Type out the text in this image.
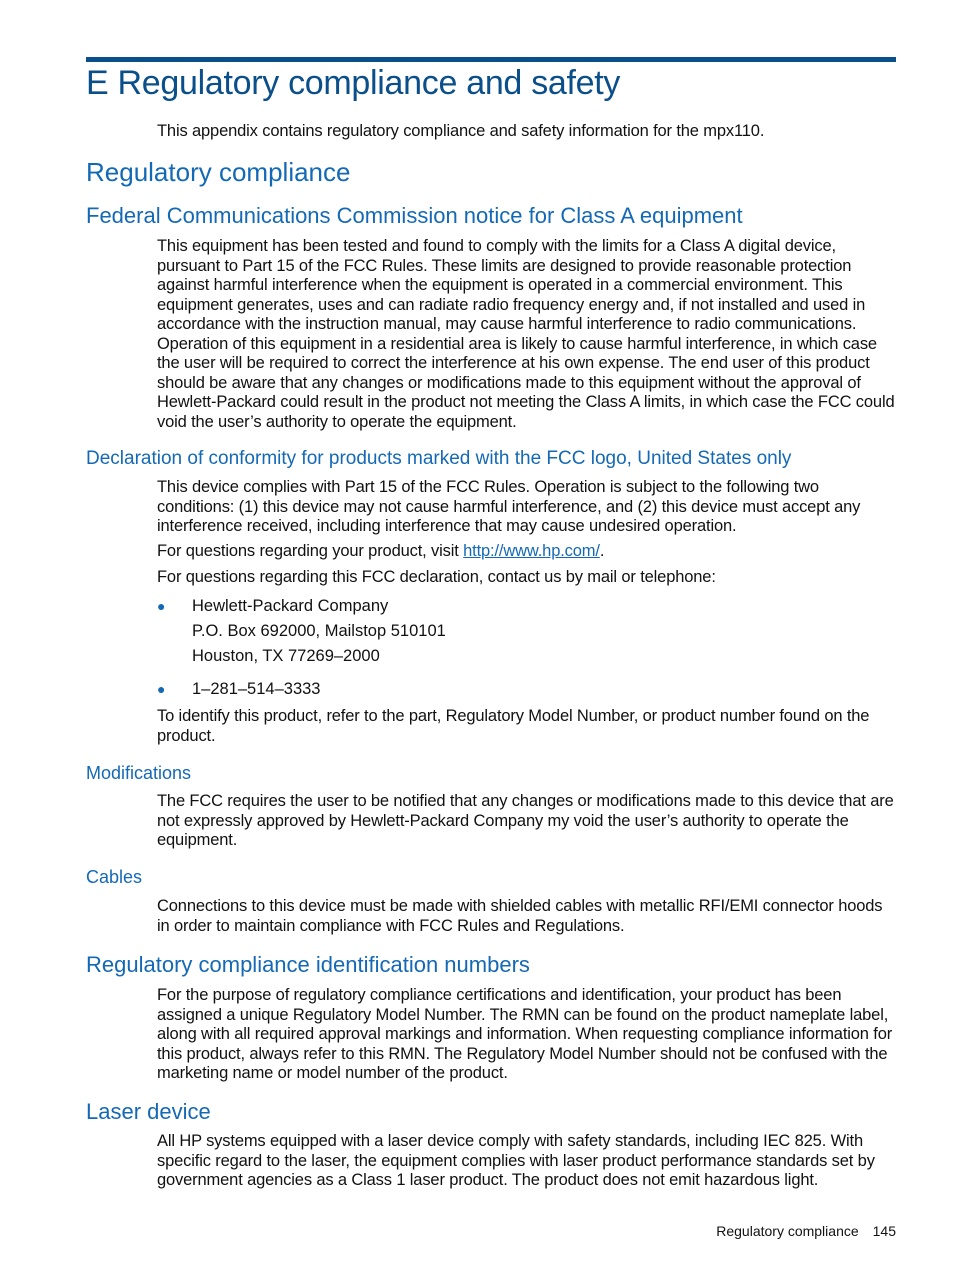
E Regulatory compliance and safety

This appendix contains regulatory compliance and safety information for the mpx110.

Regulatory compliance
Federal Communications Commission notice for Class A equipment

This equipment has been tested and found to comply with the limits for a Class A digital device, pursuant to Part 15 of the FCC Rules. These limits are designed to provide reasonable protection against harmful interference when the equipment is operated in a commercial environment. This equipment generates, uses and can radiate radio frequency energy and, if not installed and used in accordance with the instruction manual, may cause harmful interference to radio communications. Operation of this equipment in a residential area is likely to cause harmful interference, in which case the user will be required to correct the interference at his own expense. The end user of this product should be aware that any changes or modifications made to this equipment without the approval of Hewlett-Packard could result in the product not meeting the Class A limits, in which case the FCC could void the user’s authority to operate the equipment.

Declaration of conformity for products marked with the FCC logo, United States only

This device complies with Part 15 of the FCC Rules. Operation is subject to the following two conditions: (1) this device may not cause harmful interference, and (2) this device must accept any interference received, including interference that may cause undesired operation.

For questions regarding your product, visit http://www.hp.com/.

For questions regarding this FCC declaration, contact us by mail or telephone:

● Hewlett-Packard Company
P.O. Box 692000, Mailstop 510101
Houston, TX 77269–2000
● 1–281–514–3333

To identify this product, refer to the part, Regulatory Model Number, or product number found on the product.

Modifications

The FCC requires the user to be notified that any changes or modifications made to this device that are not expressly approved by Hewlett-Packard Company my void the user’s authority to operate the equipment.

Cables

Connections to this device must be made with shielded cables with metallic RFI/EMI connector hoods in order to maintain compliance with FCC Rules and Regulations.

Regulatory compliance identification numbers

For the purpose of regulatory compliance certifications and identification, your product has been assigned a unique Regulatory Model Number. The RMN can be found on the product nameplate label, along with all required approval markings and information. When requesting compliance information for this product, always refer to this RMN. The Regulatory Model Number should not be confused with the marketing name or model number of the product.

Laser device

All HP systems equipped with a laser device comply with safety standards, including IEC 825. With specific regard to the laser, the equipment complies with laser product performance standards set by government agencies as a Class 1 laser product. The product does not emit hazardous light.

Regulatory compliance 145
